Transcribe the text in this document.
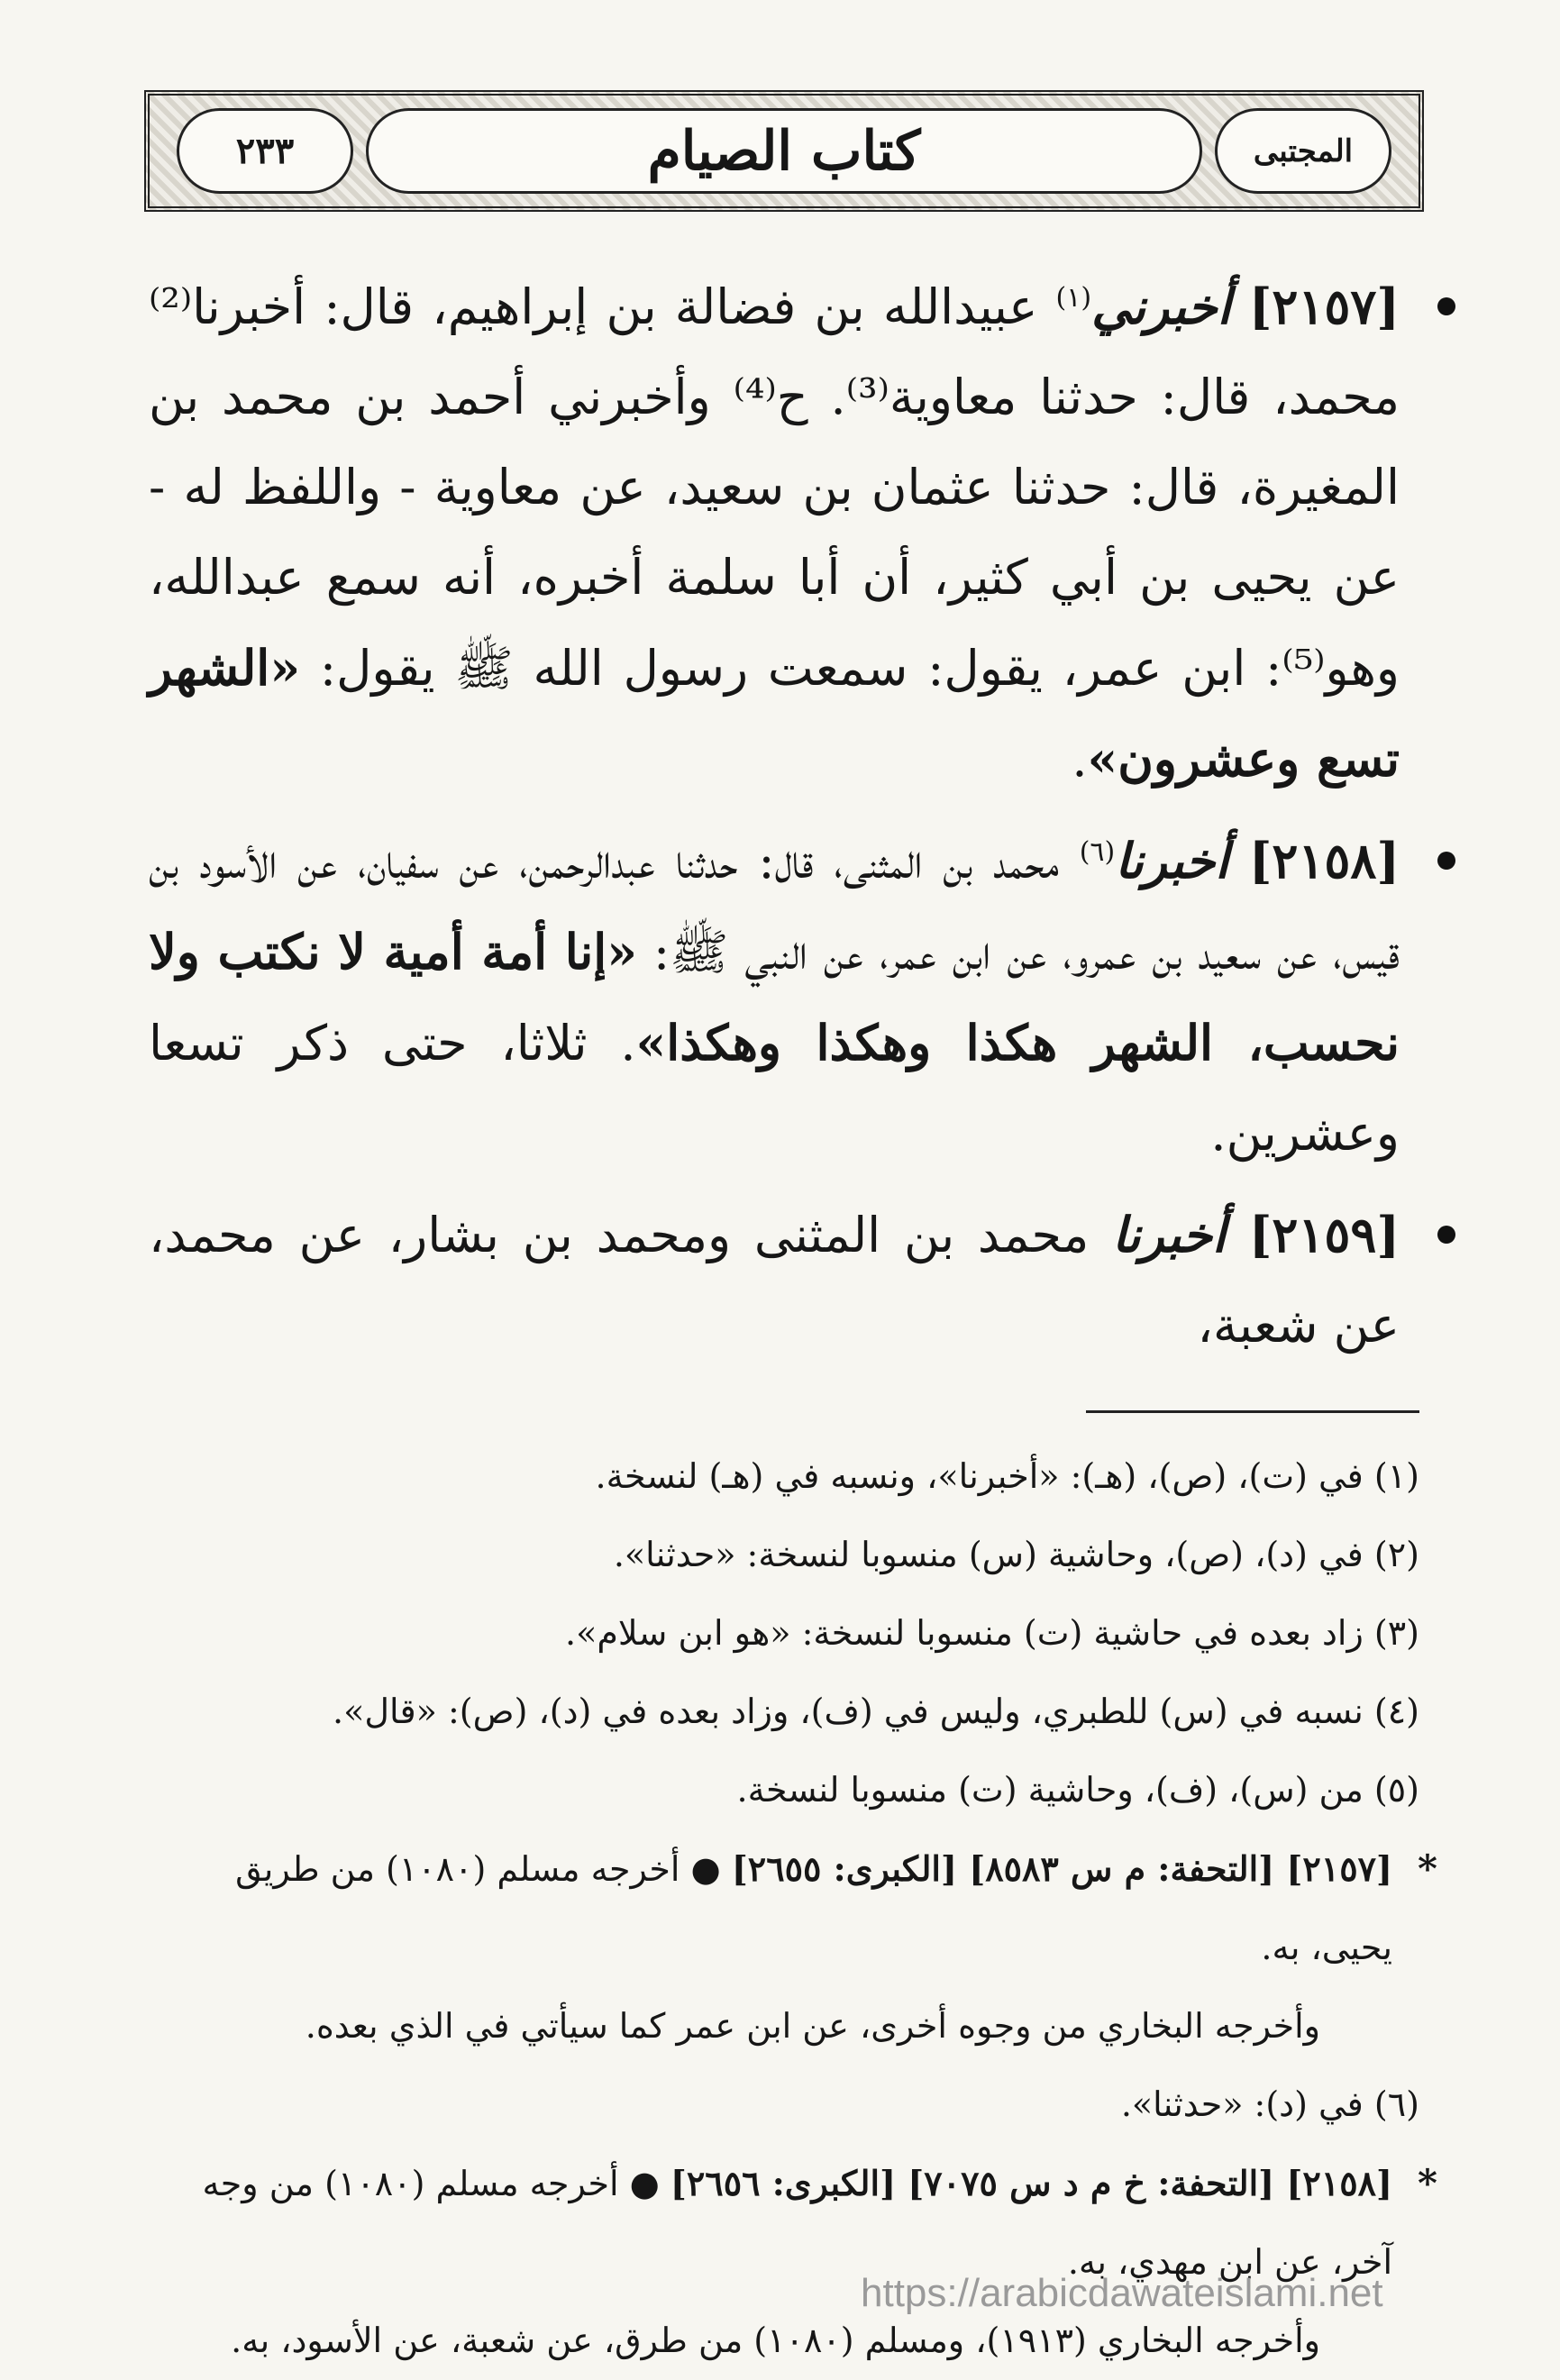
٢٣٣	كتاب الصيام	المجتبى

[٢١٥٧] أخبرني$^{(١)}$ عبيدالله بن فضالة بن إبراهيم، قال: أخبرنا⁽²⁾ محمد، قال: حدثنا معاوية⁽³⁾. ح⁽⁴⁾ وأخبرني أحمد بن محمد بن المغيرة، قال: حدثنا عثمان بن سعيد، عن معاوية - واللفظ له - عن يحيى بن أبي كثير، أن أبا سلمة أخبره، أنه سمع عبدالله، وهو⁽⁵⁾: ابن عمر، يقول: سمعت رسول الله ﷺ يقول: «الشهر تسع وعشرون».

[٢١٥٨] أخبرنا$^{(٦)}$ محمد بن المثنى، قال: حدثنا عبدالرحمن، عن سفيان، عن الأسود بن قيس، عن سعيد بن عمرو، عن ابن عمر، عن النبي ﷺ: «إنا أمة أمية لا نكتب ولا نحسب، الشهر هكذا وهكذا وهكذا». ثلاثا، حتى ذكر تسعا وعشرين.

[٢١٥٩] أخبرنا محمد بن المثنى ومحمد بن بشار، عن محمد، عن شعبة،

(١) في (ت)، (ص)، (هـ): «أخبرنا»، ونسبه في (هـ) لنسخة.
(٢) في (د)، (ص)، وحاشية (س) منسوبا لنسخة: «حدثنا».
(٣) زاد بعده في حاشية (ت) منسوبا لنسخة: «هو ابن سلام».
(٤) نسبه في (س) للطبري، وليس في (ف)، وزاد بعده في (د)، (ص): «قال».
(٥) من (س)، (ف)، وحاشية (ت) منسوبا لنسخة.
*
[٢١٥٧] [التحفة: م س ٨٥٨٣] [الكبرى: ٢٦٥٥] ● أخرجه مسلم (١٠٨٠) من طريق يحيى، به.
وأخرجه البخاري من وجوه أخرى، عن ابن عمر كما سيأتي في الذي بعده.
(٦) في (د): «حدثنا».
*
[٢١٥٨] [التحفة: خ م د س ٧٠٧٥] [الكبرى: ٢٦٥٦] ● أخرجه مسلم (١٠٨٠) من وجه آخر، عن ابن مهدي، به.
وأخرجه البخاري (١٩١٣)، ومسلم (١٠٨٠) من طرق، عن شعبة، عن الأسود، به.
https://arabicdawateislami.net
